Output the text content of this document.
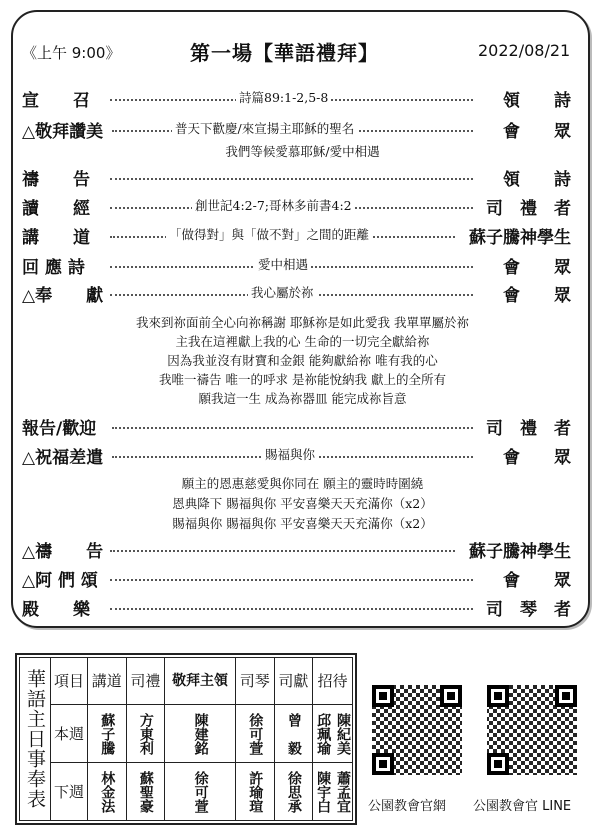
《上午 9:00》	第一場【華語禮拜】	2022/08/21
宣　　召	詩篇89:1-2,5-8	領　　詩
△敬拜讚美	普天下歡慶/來宣揚主耶穌的聖名	會　　眾
我們等候愛慕耶穌/愛中相遇
禱　　告	領　　詩
讀　　經	創世記4:2-7;哥林多前書4:2	司　禮　者
講　　道	「做得對」與「做不對」之間的距離	蘇子騰神學生
回 應 詩	愛中相遇	會　　眾
△奉　　獻	我心屬於祢	會　　眾
我來到祢面前全心向祢稱謝 耶穌祢是如此愛我 我單單屬於祢
主我在這裡獻上我的心 生命的一切完全獻給祢
因為我並沒有財寶和金銀 能夠獻給祢 唯有我的心
我唯一禱告 唯一的呼求 是祢能悅納我 獻上的全所有
願我這一生 成為祢器皿 能完成祢旨意
報告/歡迎	司　禮　者
△祝福差遣	賜福與你	會　　眾
願主的恩惠慈愛與你同在 願主的靈時時圍繞
恩典降下 賜福與你 平安喜樂天天充滿你（x2）
賜福與你 賜福與你 平安喜樂天天充滿你（x2）
△禱　　告	蘇子騰神學生
△阿 們 頌	會　　眾
殿　　樂	司　琴　者
華語主日事奉表	項目	講道	司禮	敬拜主領	司琴	司獻	招待
	本週	蘇子騰	方東利	陳建銘	徐可萱	曾　毅	邱珮瑜 陳紀美

	下週	林金法	蘇聖豪	徐可萱	許瑜瑄	徐思承	陳宇白 蕭孟宜 公園教會官網 公園教會官 LINE
